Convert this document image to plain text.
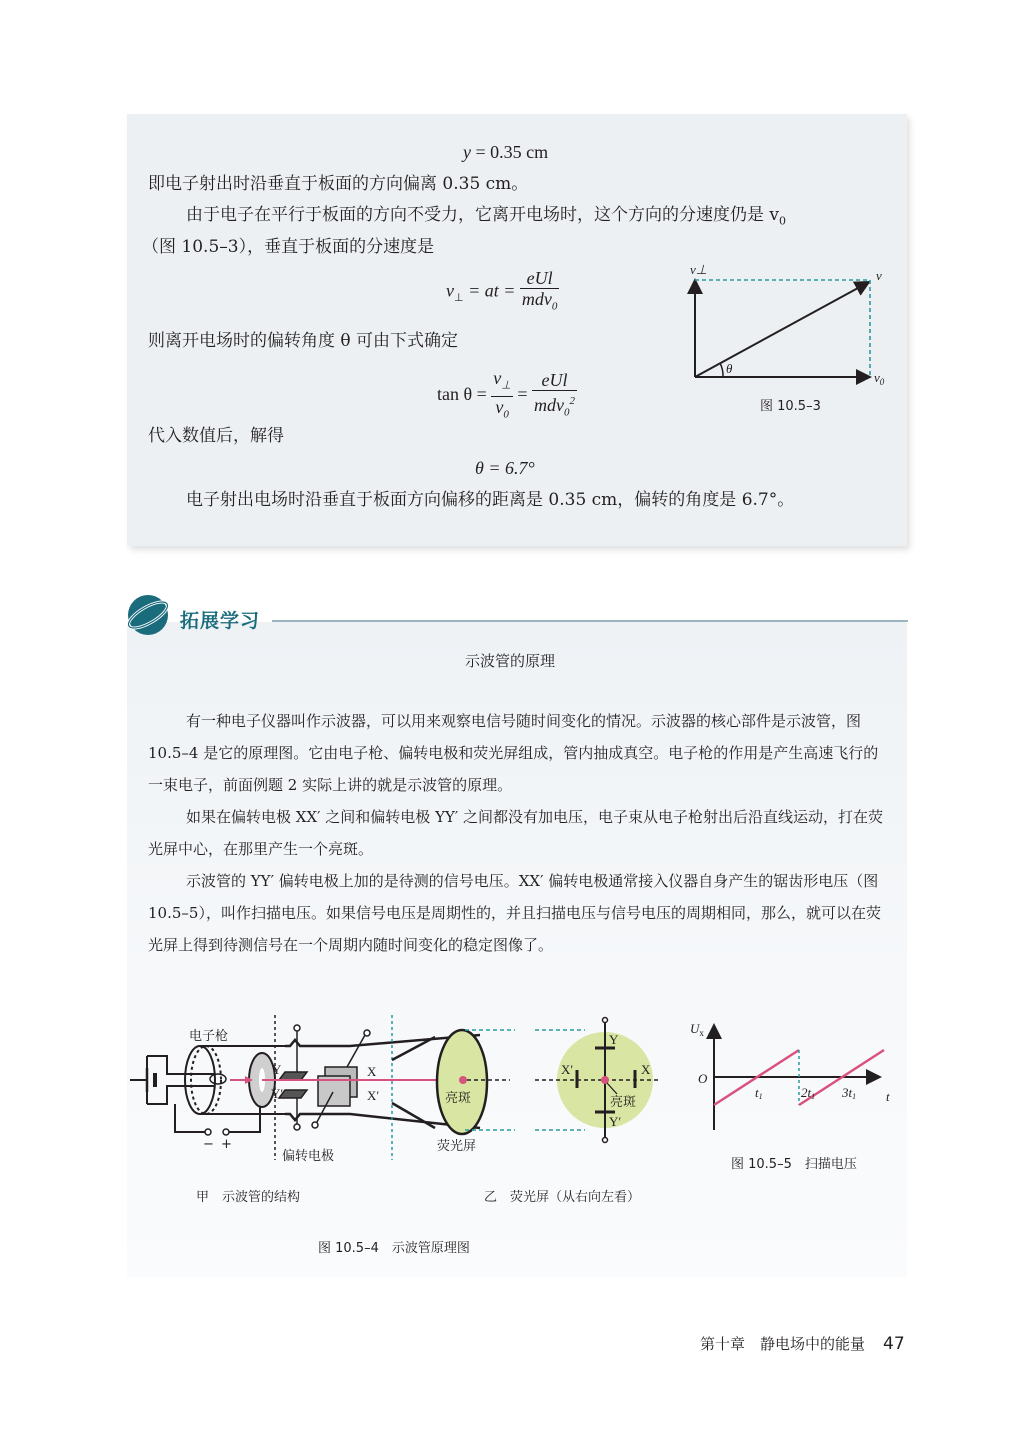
y = 0.35 cm
即电子射出时沿垂直于板面的方向偏离 0.35 cm。
由于电子在平行于板面的方向不受力，它离开电场时，这个方向的分速度仍是 $v_0$
（图 10.5–3），垂直于板面的分速度是
$v_\perp$ = at = $\frac{\text{eUl}}{mdv_0}$
则离开电场时的偏转角度 θ 可由下式确定
$\tan \theta = \frac{v_\perp}{v_0} = \frac{\text{eUl}}{mdv_0^2}$
代入数值后，解得
θ = 6.7°
电子射出电场时沿垂直于板面方向偏移的距离是 0.35 cm，偏转的角度是 6.7°。
θ
v⊥	v
$v_0$
图 10.5–3
拓展学习
示波管的原理
有一种电子仪器叫作示波器，可以用来观察电信号随时间变化的情况。示波器的核心部件是示波管，图 10.5–4 是它的原理图。它由电子枪、偏转电极和荧光屏组成，管内抽成真空。电子枪的作用是产生高速飞行的一束电子，前面例题 2 实际上讲的就是示波管的原理。
如果在偏转电极 XX′ 之间和偏转电极 YY′ 之间都没有加电压，电子束从电子枪射出后沿直线运动，打在荧光屏中心，在那里产生一个亮斑。
示波管的 YY′ 偏转电极上加的是待测的信号电压。XX′ 偏转电极通常接入仪器自身产生的锯齿形电压（图 10.5–5），叫作扫描电压。如果信号电压是周期性的，并且扫描电压与信号电压的周期相同，那么，就可以在荧光屏上得到待测信号在一个周期内随时间变化的稳定图像了。
Y
Y′
X
X′
Y
Y′
X′	X
电子枪
− +
偏转电极
亮斑
荧光屏
亮斑
$U_x$
O
t
t1	2t1 3t1
图 10.5–5　扫描电压
甲　示波管的结构	乙　荧光屏（从右向左看）
图 10.5–4　示波管原理图
第十章　静电场中的能量 47
